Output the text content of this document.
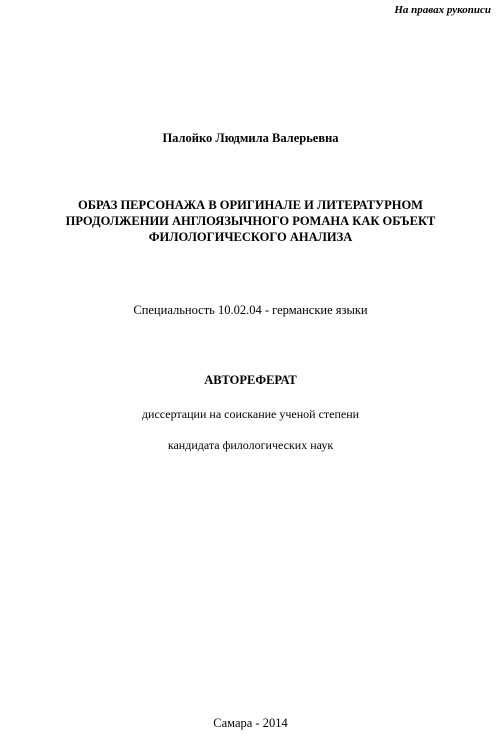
На правах рукописи
Палойко Людмила Валерьевна
ОБРАЗ ПЕРСОНАЖА В ОРИГИНАЛЕ И ЛИТЕРАТУРНОМ
ПРОДОЛЖЕНИИ АНГЛОЯЗЫЧНОГО РОМАНА КАК ОБЪЕКТ
ФИЛОЛОГИЧЕСКОГО АНАЛИЗА
Специальность 10.02.04 - германские языки
АВТОРЕФЕРАТ
диссертации на соискание ученой степени
кандидата филологических наук
Самара - 2014
